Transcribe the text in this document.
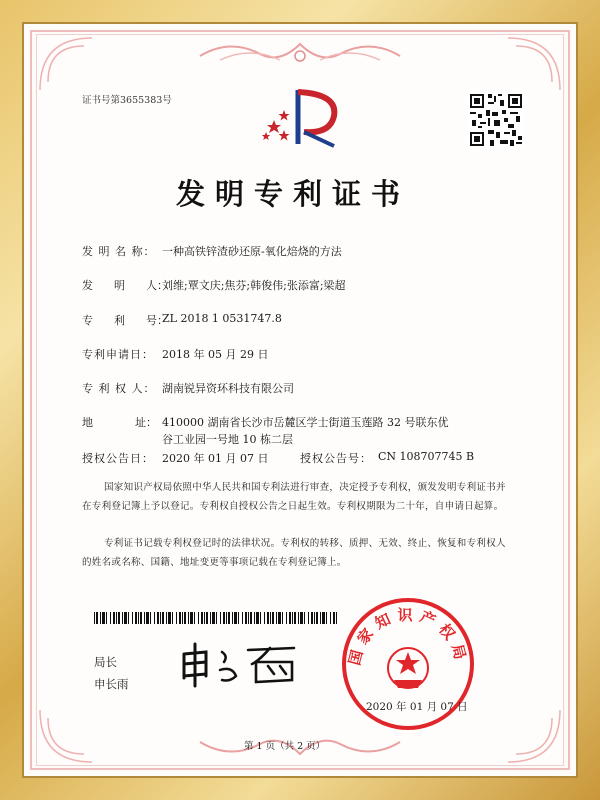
证书号第3655383号
发明专利证书
发 明 名 称： 一种高铁锌渣砂还原-氧化焙烧的方法
发      明      人：
刘维;覃文庆;焦芬;韩俊伟;张添富;梁超
专      利      号：
ZL 2018 1 0531747.8
专利申请日： 2018 年 05 月 29 日
专 利 权 人： 湖南锐异资环科技有限公司
地            址： 410000 湖南省长沙市岳麓区学士街道玉莲路 32 号联东优
谷工业园一号地 10 栋二层
授权公告日： 2020 年 01 月 07 日	授权公告号： CN 108707745 B
国家知识产权局依照中华人民共和国专利法进行审查，决定授予专利权，颁发发明专利证书并在专利登记簿上予以登记。专利权自授权公告之日起生效。专利权期限为二十年，自申请日起算。
专利证书记载专利权登记时的法律状况。专利权的转移、质押、无效、终止、恢复和专利权人的姓名或名称、国籍、地址变更等事项记载在专利登记簿上。
局长
申长雨
国家知识产权局
2020 年 01 月 07 日
第 1 页（共 2 页）
